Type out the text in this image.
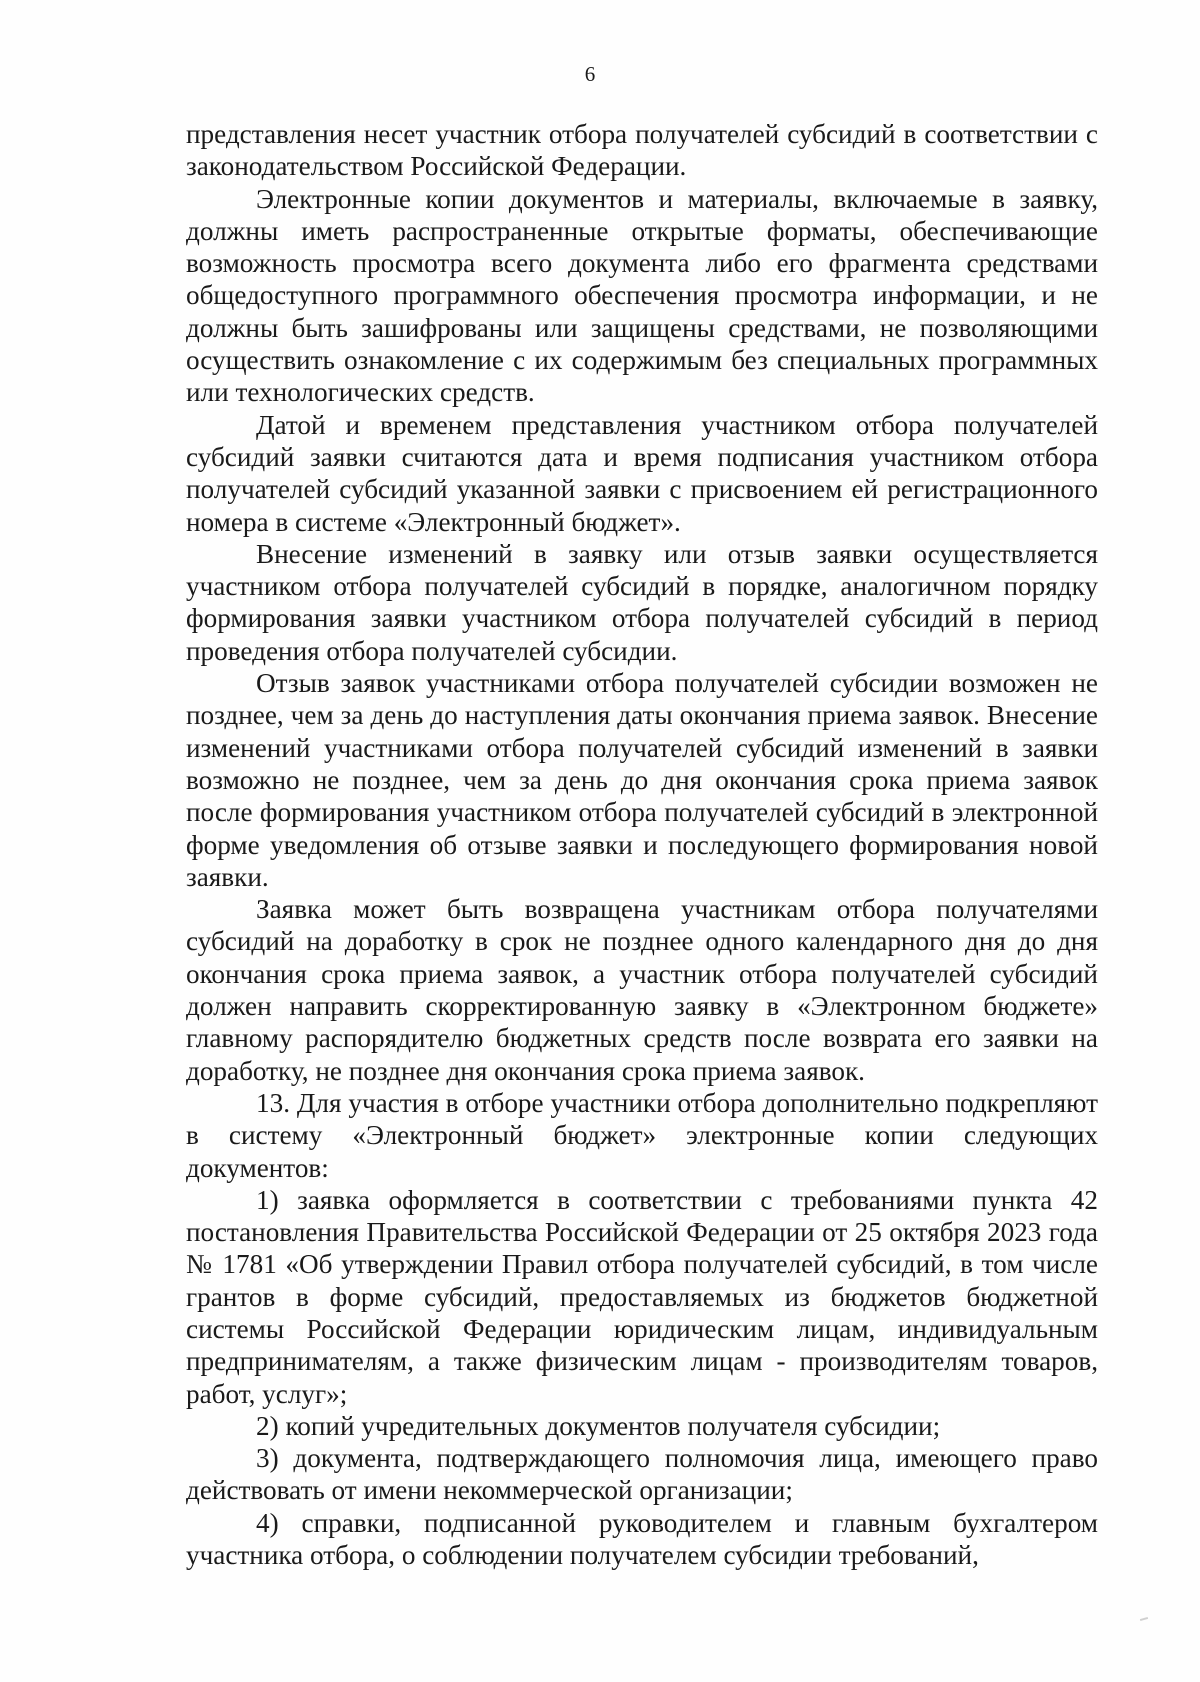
6

представления несет участник отбора получателей субсидий в соответствии с законодательством Российской Федерации.

Электронные копии документов и материалы, включаемые в заявку, должны иметь распространенные открытые форматы, обеспечивающие возможность просмотра всего документа либо его фрагмента средствами общедоступного программного обеспечения просмотра информации, и не должны быть зашифрованы или защищены средствами, не позволяющими осуществить ознакомление с их содержимым без специальных программных или технологических средств.

Датой и временем представления участником отбора получателей субсидий заявки считаются дата и время подписания участником отбора получателей субсидий указанной заявки с присвоением ей регистрационного номера в системе «Электронный бюджет».

Внесение изменений в заявку или отзыв заявки осуществляется участником отбора получателей субсидий в порядке, аналогичном порядку формирования заявки участником отбора получателей субсидий в период проведения отбора получателей субсидии.

Отзыв заявок участниками отбора получателей субсидии возможен не позднее, чем за день до наступления даты окончания приема заявок. Внесение изменений участниками отбора получателей субсидий изменений в заявки возможно не позднее, чем за день до дня окончания срока приема заявок после формирования участником отбора получателей субсидий в электронной форме уведомления об отзыве заявки и последующего формирования новой заявки.

Заявка может быть возвращена участникам отбора получателями субсидий на доработку в срок не позднее одного календарного дня до дня окончания срока приема заявок, а участник отбора получателей субсидий должен направить скорректированную заявку в «Электронном бюджете» главному распорядителю бюджетных средств после возврата его заявки на доработку, не позднее дня окончания срока приема заявок.

13. Для участия в отборе участники отбора дополнительно подкрепляют в систему «Электронный бюджет» электронные копии следующих документов:

1) заявка оформляется в соответствии с требованиями пункта 42 постановления Правительства Российской Федерации от 25 октября 2023 года № 1781 «Об утверждении Правил отбора получателей субсидий, в том числе грантов в форме субсидий, предоставляемых из бюджетов бюджетной системы Российской Федерации юридическим лицам, индивидуальным предпринимателям, а также физическим лицам - производителям товаров, работ, услуг»;

2) копий учредительных документов получателя субсидии;

3) документа, подтверждающего полномочия лица, имеющего право действовать от имени некоммерческой организации;

4) справки, подписанной руководителем и главным бухгалтером участника отбора, о соблюдении получателем субсидии требований,
